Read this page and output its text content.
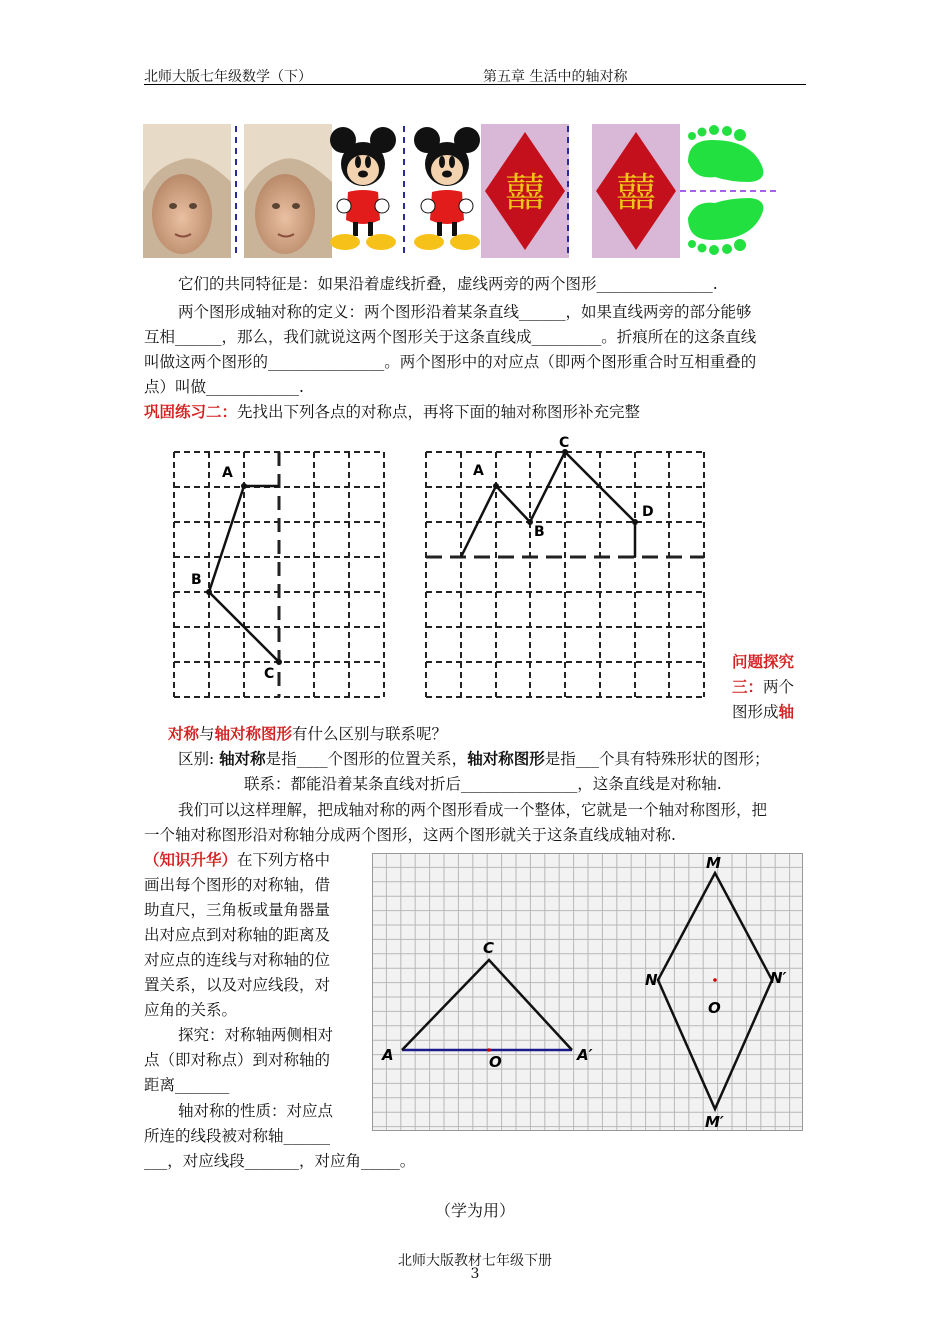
北师大版七年级数学（下）	第五章 生活中的轴对称
囍 囍
它们的共同特征是：如果沿着虚线折叠，虚线两旁的两个图形_______________.
两个图形成轴对称的定义：两个图形沿着某条直线______，如果直线两旁的部分能够
互相______，那么，我们就说这两个图形关于这条直线成_________。折痕所在的这条直线
叫做这两个图形的_______________。两个图形中的对应点（即两个图形重合时互相重叠的
点）叫做____________.
巩固练习二：先找出下列各点的对称点，再将下面的轴对称图形补充完整
A
B
C
A
B
C
D
问题探究
三：两个
图形成轴
对称与轴对称图形有什么区别与联系呢？
区别: 轴对称是指____个图形的位置关系，轴对称图形是指___个具有特殊形状的图形；
联系：都能沿着某条直线对折后_______________，这条直线是对称轴.
我们可以这样理解，把成轴对称的两个图形看成一个整体，它就是一个轴对称图形，把
一个轴对称图形沿对称轴分成两个图形，这两个图形就关于这条直线成轴对称.
（知识升华）在下列方格中
画出每个图形的对称轴，借
助直尺，三角板或量角器量
出对应点到对称轴的距离及
对应点的连线与对称轴的位
置关系，以及对应线段，对
应角的关系。
探究：对称轴两侧相对
点（即对称点）到对称轴的
距离_______
轴对称的性质：对应点
所连的线段被对称轴______
___，对应线段_______，对应角_____。
A
C
O	A′
M
N
O
N′
M′
（学为用）
北师大版教材七年级下册
3
